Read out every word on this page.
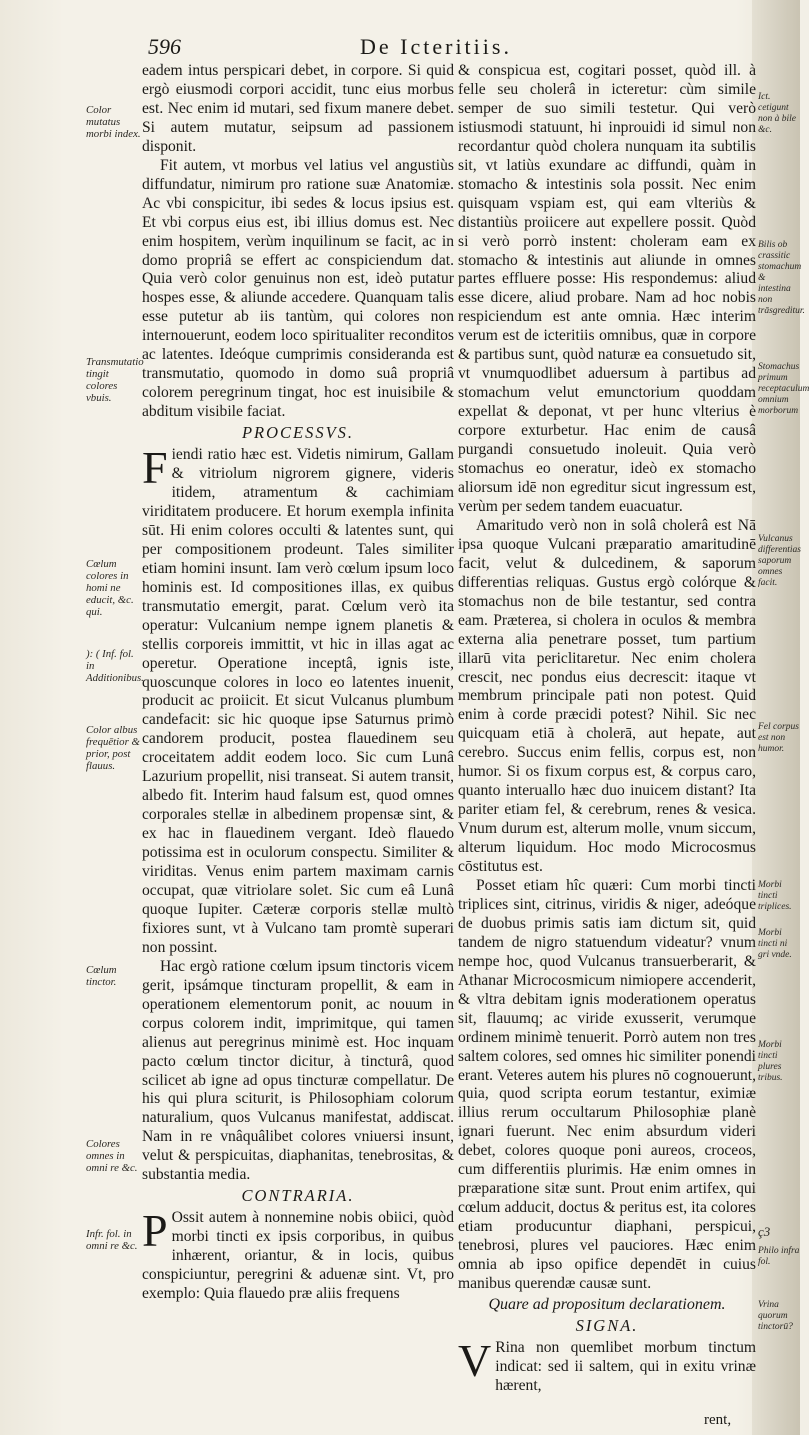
596	De Icteritiis.

eadem intus perspicari debet, in corpore. Si quid ergò eiusmodi corpori accidit, tunc eius morbus est. Nec enim id mutari, sed fixum manere debet. Si autem mutatur, seipsum ad passionem disponit.

Fit autem, vt morbus vel latius vel angustiùs diffundatur, nimirum pro ratione suæ Anatomiæ. Ac vbi conspicitur, ibi sedes & locus ipsius est. Et vbi corpus eius est, ibi illius domus est. Nec enim hospitem, verùm inquilinum se facit, ac in domo propriâ se effert ac conspiciendum dat. Quia verò color genuinus non est, ideò putatur hospes esse, & aliunde accedere. Quanquam talis esse putetur ab iis tantùm, qui colores non internouerunt, eodem loco spiritualiter reconditos ac latentes. Ideóque cumprimis consideranda est transmutatio, quomodo in domo suâ propriâ colorem peregrinum tingat, hoc est inuisibile & abditum visibile faciat.

PROCESSVS.

Fiendi ratio hæc est. Videtis nimirum, Gallam & vitriolum nigrorem gignere, videris itidem, atramentum & cachimiam viriditatem producere. Et horum exempla infinita sūt. Hi enim colores occulti & latentes sunt, qui per compositionem prodeunt. Tales similiter etiam homini insunt. Iam verò cœlum ipsum loco hominis est. Id compositiones illas, ex quibus transmutatio emergit, parat. Cœlum verò ita operatur: Vulcanium nempe ignem planetis & stellis corporeis immittit, vt hic in illas agat ac operetur. Operatione inceptâ, ignis iste, quoscunque colores in loco eo latentes inuenit, producit ac proiicit. Et sicut Vulcanus plumbum candefacit: sic hic quoque ipse Saturnus primò candorem producit, postea flauedinem seu croceitatem addit eodem loco. Sic cum Lunâ Lazurium propellit, nisi transeat. Si autem transit, albedo fit. Interim haud falsum est, quod omnes corporales stellæ in albedinem propensæ sint, & ex hac in flauedinem vergant. Ideò flauedo potissima est in oculorum conspectu. Similiter & viriditas. Venus enim partem maximam carnis occupat, quæ vitriolare solet. Sic cum eâ Lunâ quoque Iupiter. Cæteræ corporis stellæ multò fixiores sunt, vt à Vulcano tam promtè superari non possint.

Hac ergò ratione cœlum ipsum tinctoris vicem gerit, ipsámque tincturam propellit, & eam in operationem elementorum ponit, ac nouum in corpus colorem indit, imprimitque, qui tamen alienus aut peregrinus minimè est. Hoc inquam pacto cœlum tinctor dicitur, à tincturâ, quod scilicet ab igne ad opus tincturæ compellatur. De his qui plura sciturit, is Philosophiam colorum naturalium, quos Vulcanus manifestat, addiscat. Nam in re vnâquâlibet colores vniuersi insunt, velut & perspicuitas, diaphanitas, tenebrositas, & substantia media.

CONTRARIA.

P Ossit autem à nonnemine nobis obiici, quòd morbi tincti ex ipsis corporibus, in quibus inhærent, oriantur, & in locis, quibus conspiciuntur, peregrini & aduenæ sint. Vt, pro exemplo: Quia flauedo præ aliis frequens

& conspicua est, cogitari posset, quòd ill. à felle seu cholerâ in icteretur: cùm simile semper de suo simili testetur. Qui verò istiusmodi statuunt, hi inprouidi id simul non recordantur quòd cholera nunquam ita subtilis sit, vt latiùs exundare ac diffundi, quàm in stomacho & intestinis sola possit. Nec enim quisquam vspiam est, qui eam vlteriùs & distantiùs proiicere aut expellere possit. Quòd si verò porrò instent: choleram eam ex stomacho & intestinis aut aliunde in omnes partes effluere posse: His respondemus: aliud esse dicere, aliud probare. Nam ad hoc nobis respiciendum est ante omnia. Hæc interim verum est de icteritiis omnibus, quæ in corpore & partibus sunt, quòd naturæ ea consuetudo sit, vt vnumquodlibet aduersum à partibus ad stomachum velut emunctorium quoddam expellat & deponat, vt per hunc vlterius è corpore exturbetur. Hac enim de causâ purgandi consuetudo inoleuit. Quia verò stomachus eo oneratur, ideò ex stomacho aliorsum idē non egreditur sicut ingressum est, verùm per sedem tandem euacuatur.

Amaritudo verò non in solâ cholerâ est Nā ipsa quoque Vulcani præparatio amaritudinē facit, velut & dulcedinem, & saporum differentias reliquas. Gustus ergò colórque & stomachus non de bile testantur, sed contra eam. Præterea, si cholera in oculos & membra externa alia penetrare posset, tum partium illarū vita periclitaretur. Nec enim cholera crescit, nec pondus eius decrescit: itaque vt membrum principale pati non potest. Quid enim à corde præcidi potest? Nihil. Sic nec quicquam etiā à cholerā, aut hepate, aut cerebro. Succus enim fellis, corpus est, non humor. Si os fixum corpus est, & corpus caro, quanto interuallo hæc duo inuicem distant? Ita pariter etiam fel, & cerebrum, renes & vesica. Vnum durum est, alterum molle, vnum siccum, alterum liquidum. Hoc modo Microcosmus cōstitutus est.

Posset etiam hîc quæri: Cum morbi tincti triplices sint, citrinus, viridis & niger, adeóque de duobus primis satis iam dictum sit, quid tandem de nigro statuendum videatur? vnum nempe hoc, quod Vulcanus transuerberarit, & Athanar Microcosmicum nimiopere accenderit, & vltra debitam ignis moderationem operatus sit, flauumq; ac viride exusserit, verumque ordinem minimè tenuerit. Porrò autem non tres saltem colores, sed omnes hic similiter ponendi erant. Veteres autem his plures nō cognouerunt, quia, quod scripta eorum testantur, eximiæ illius rerum occultarum Philosophiæ planè ignari fuerunt. Nec enim absurdum videri debet, colores quoque poni aureos, croceos, cum differentiis plurimis. Hæ enim omnes in præparatione sitæ sunt. Prout enim artifex, qui cœlum adducit, doctus & peritus est, ita colores etiam producuntur diaphani, perspicui, tenebrosi, plures vel pauciores. Hæc enim omnia ab ipso opifice dependēt in cuius manibus querendæ causæ sunt.

Quare ad propositum declarationem.
SIGNA.

V Rina non quemlibet morbum tinctum indicat: sed ii saltem, qui in exitu vrinæ hærent,

rent,
Color mutatus morbi index.
Transmutatio tingit colores vbuis.
Cœlum colores in homi ne educit, &c. qui.
): ( Inf. fol. in Additionibus.
Color albus frequētior & prior, post flauus.
Cœlum tinctor.
Colores omnes in omni re &c.
Infr. fol. in omni re &c.
Ict. cetigunt non à bile &c.
Bilis ob crassitic stomachum & intestina non trāsgreditur.
Stomachus primum receptaculum omnium morborum
Vulcanus differentias saporum omnes facit.
Fel corpus est non humor.
Morbi tincti triplices.
Morbi tincti ni gri vnde.
Morbi tincti plures tribus.
ç3
Philo infra fol.
Vrina quorum tinctorū?
